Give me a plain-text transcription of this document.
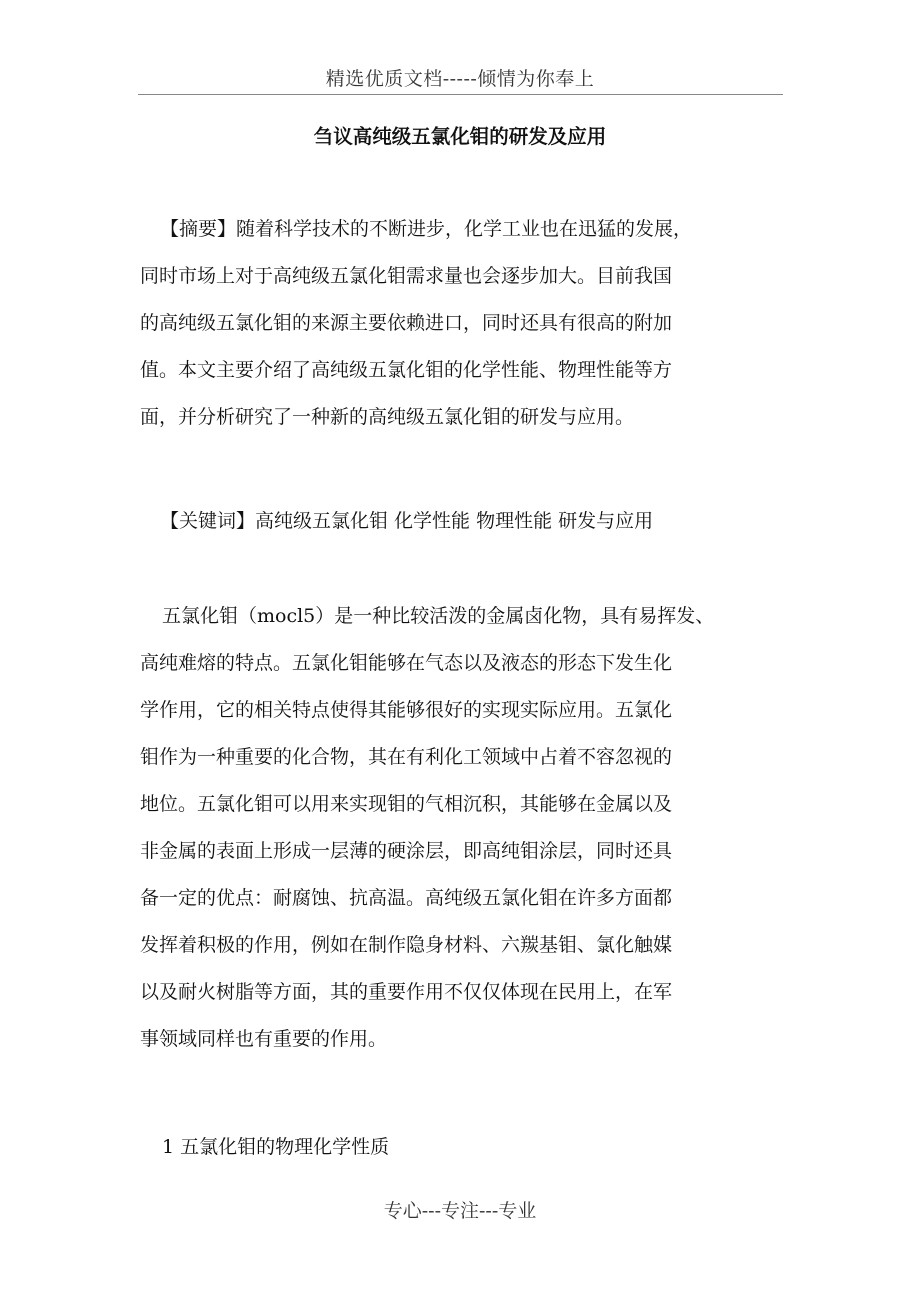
精选优质文档-----倾情为你奉上
刍议高纯级五氯化钼的研发及应用
【摘要】随着科学技术的不断进步，化学工业也在迅猛的发展，
同时市场上对于高纯级五氯化钼需求量也会逐步加大。目前我国
的高纯级五氯化钼的来源主要依赖进口，同时还具有很高的附加
值。本文主要介绍了高纯级五氯化钼的化学性能、物理性能等方
面，并分析研究了一种新的高纯级五氯化钼的研发与应用。
【关键词】高纯级五氯化钼 化学性能 物理性能 研发与应用
五氯化钼（mocl5）是一种比较活泼的金属卤化物，具有易挥发、
高纯难熔的特点。五氯化钼能够在气态以及液态的形态下发生化
学作用，它的相关特点使得其能够很好的实现实际应用。五氯化
钼作为一种重要的化合物，其在有利化工领域中占着不容忽视的
地位。五氯化钼可以用来实现钼的气相沉积，其能够在金属以及
非金属的表面上形成一层薄的硬涂层，即高纯钼涂层，同时还具
备一定的优点：耐腐蚀、抗高温。高纯级五氯化钼在许多方面都
发挥着积极的作用，例如在制作隐身材料、六羰基钼、氯化触媒
以及耐火树脂等方面，其的重要作用不仅仅体现在民用上，在军
事领域同样也有重要的作用。
1 五氯化钼的物理化学性质
专心---专注---专业
